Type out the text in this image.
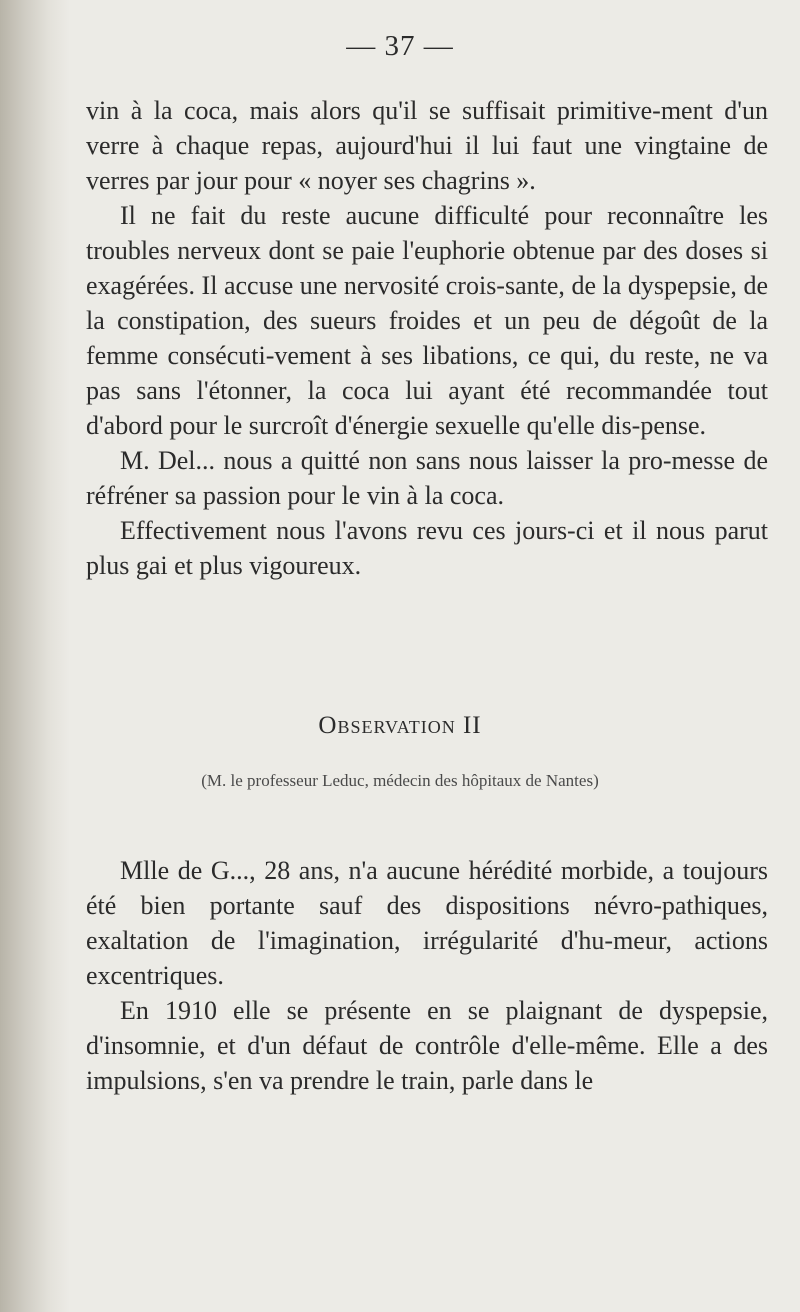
— 37 —

vin à la coca, mais alors qu'il se suffisait primitive-ment d'un verre à chaque repas, aujourd'hui il lui faut une vingtaine de verres par jour pour « noyer ses chagrins ».

Il ne fait du reste aucune difficulté pour reconnaître les troubles nerveux dont se paie l'euphorie obtenue par des doses si exagérées. Il accuse une nervosité crois-sante, de la dyspepsie, de la constipation, des sueurs froides et un peu de dégoût de la femme consécuti-vement à ses libations, ce qui, du reste, ne va pas sans l'étonner, la coca lui ayant été recommandée tout d'abord pour le surcroît d'énergie sexuelle qu'elle dis-pense.

M. Del... nous a quitté non sans nous laisser la pro-messe de réfréner sa passion pour le vin à la coca.

Effectivement nous l'avons revu ces jours-ci et il nous parut plus gai et plus vigoureux.

Observation II
(M. le professeur Leduc, médecin des hôpitaux de Nantes)

Mlle de G..., 28 ans, n'a aucune hérédité morbide, a toujours été bien portante sauf des dispositions névro-pathiques, exaltation de l'imagination, irrégularité d'hu-meur, actions excentriques.

En 1910 elle se présente en se plaignant de dyspepsie, d'insomnie, et d'un défaut de contrôle d'elle-même. Elle a des impulsions, s'en va prendre le train, parle dans le
